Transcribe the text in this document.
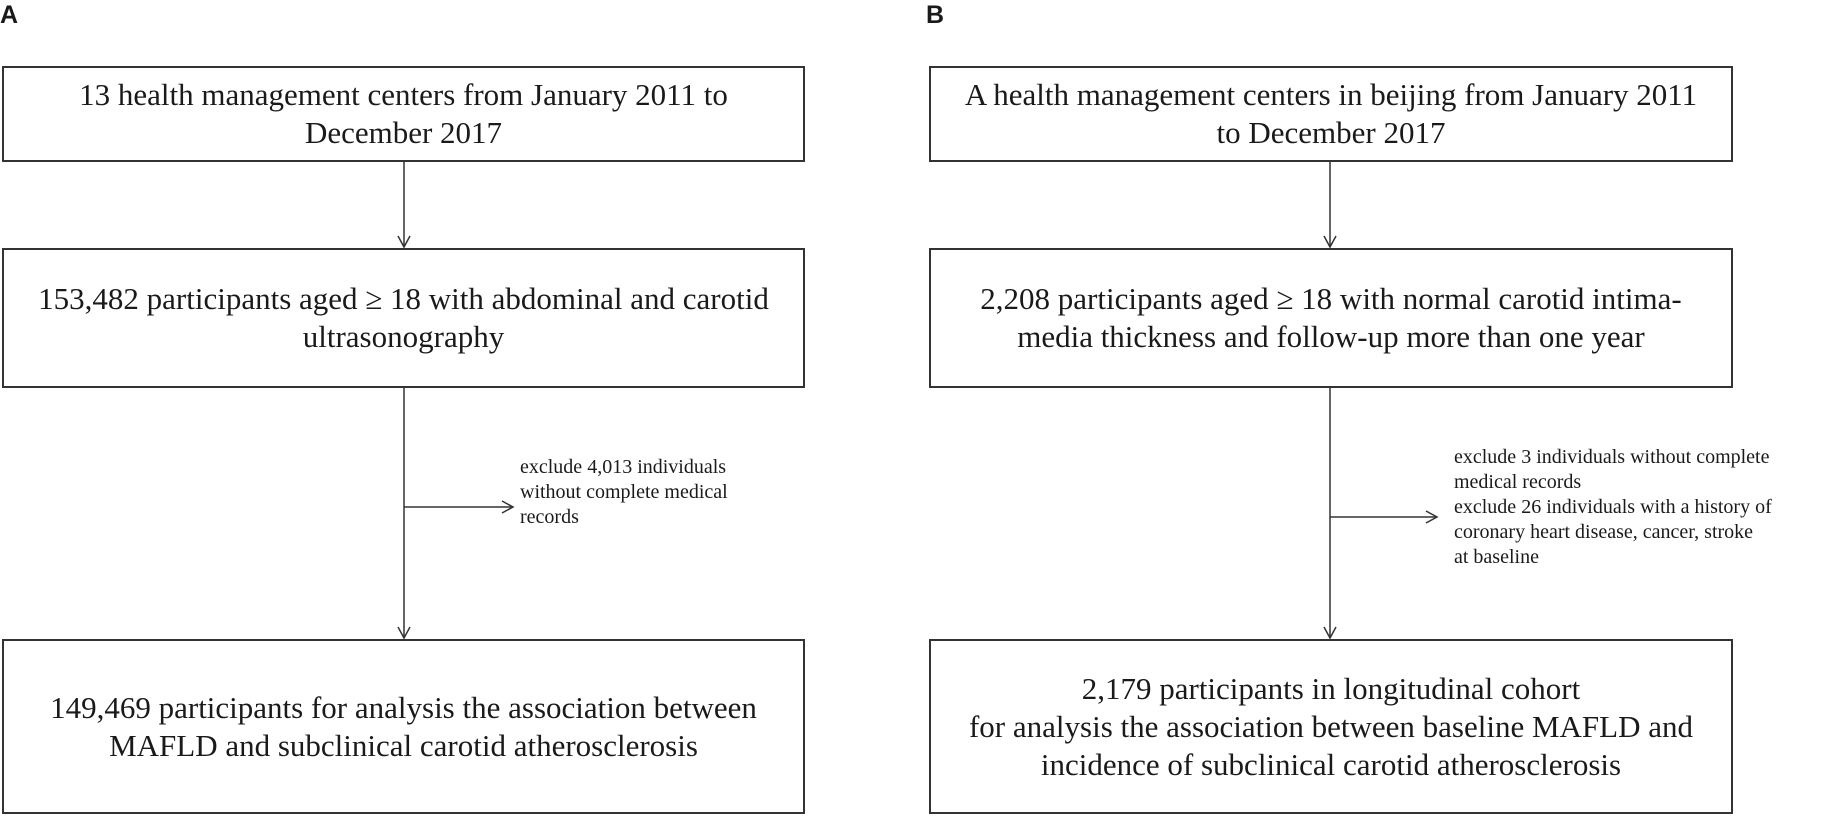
A
13 health management centers from January 2011 to
December 2017
153,482 participants aged ≥ 18 with abdominal and carotid
ultrasonography
exclude 4,013 individuals
without complete medical
records
149,469 participants for analysis the association between
MAFLD and subclinical carotid atherosclerosis
B
A health management centers in beijing from January 2011
to December 2017
2,208 participants aged ≥ 18 with normal carotid intima-
media thickness and follow-up more than one year
exclude 3 individuals without complete
medical records
exclude 26 individuals with a history of
coronary heart disease, cancer, stroke
at baseline
2,179 participants in longitudinal cohort
for analysis the association between baseline MAFLD and
incidence of subclinical carotid atherosclerosis
